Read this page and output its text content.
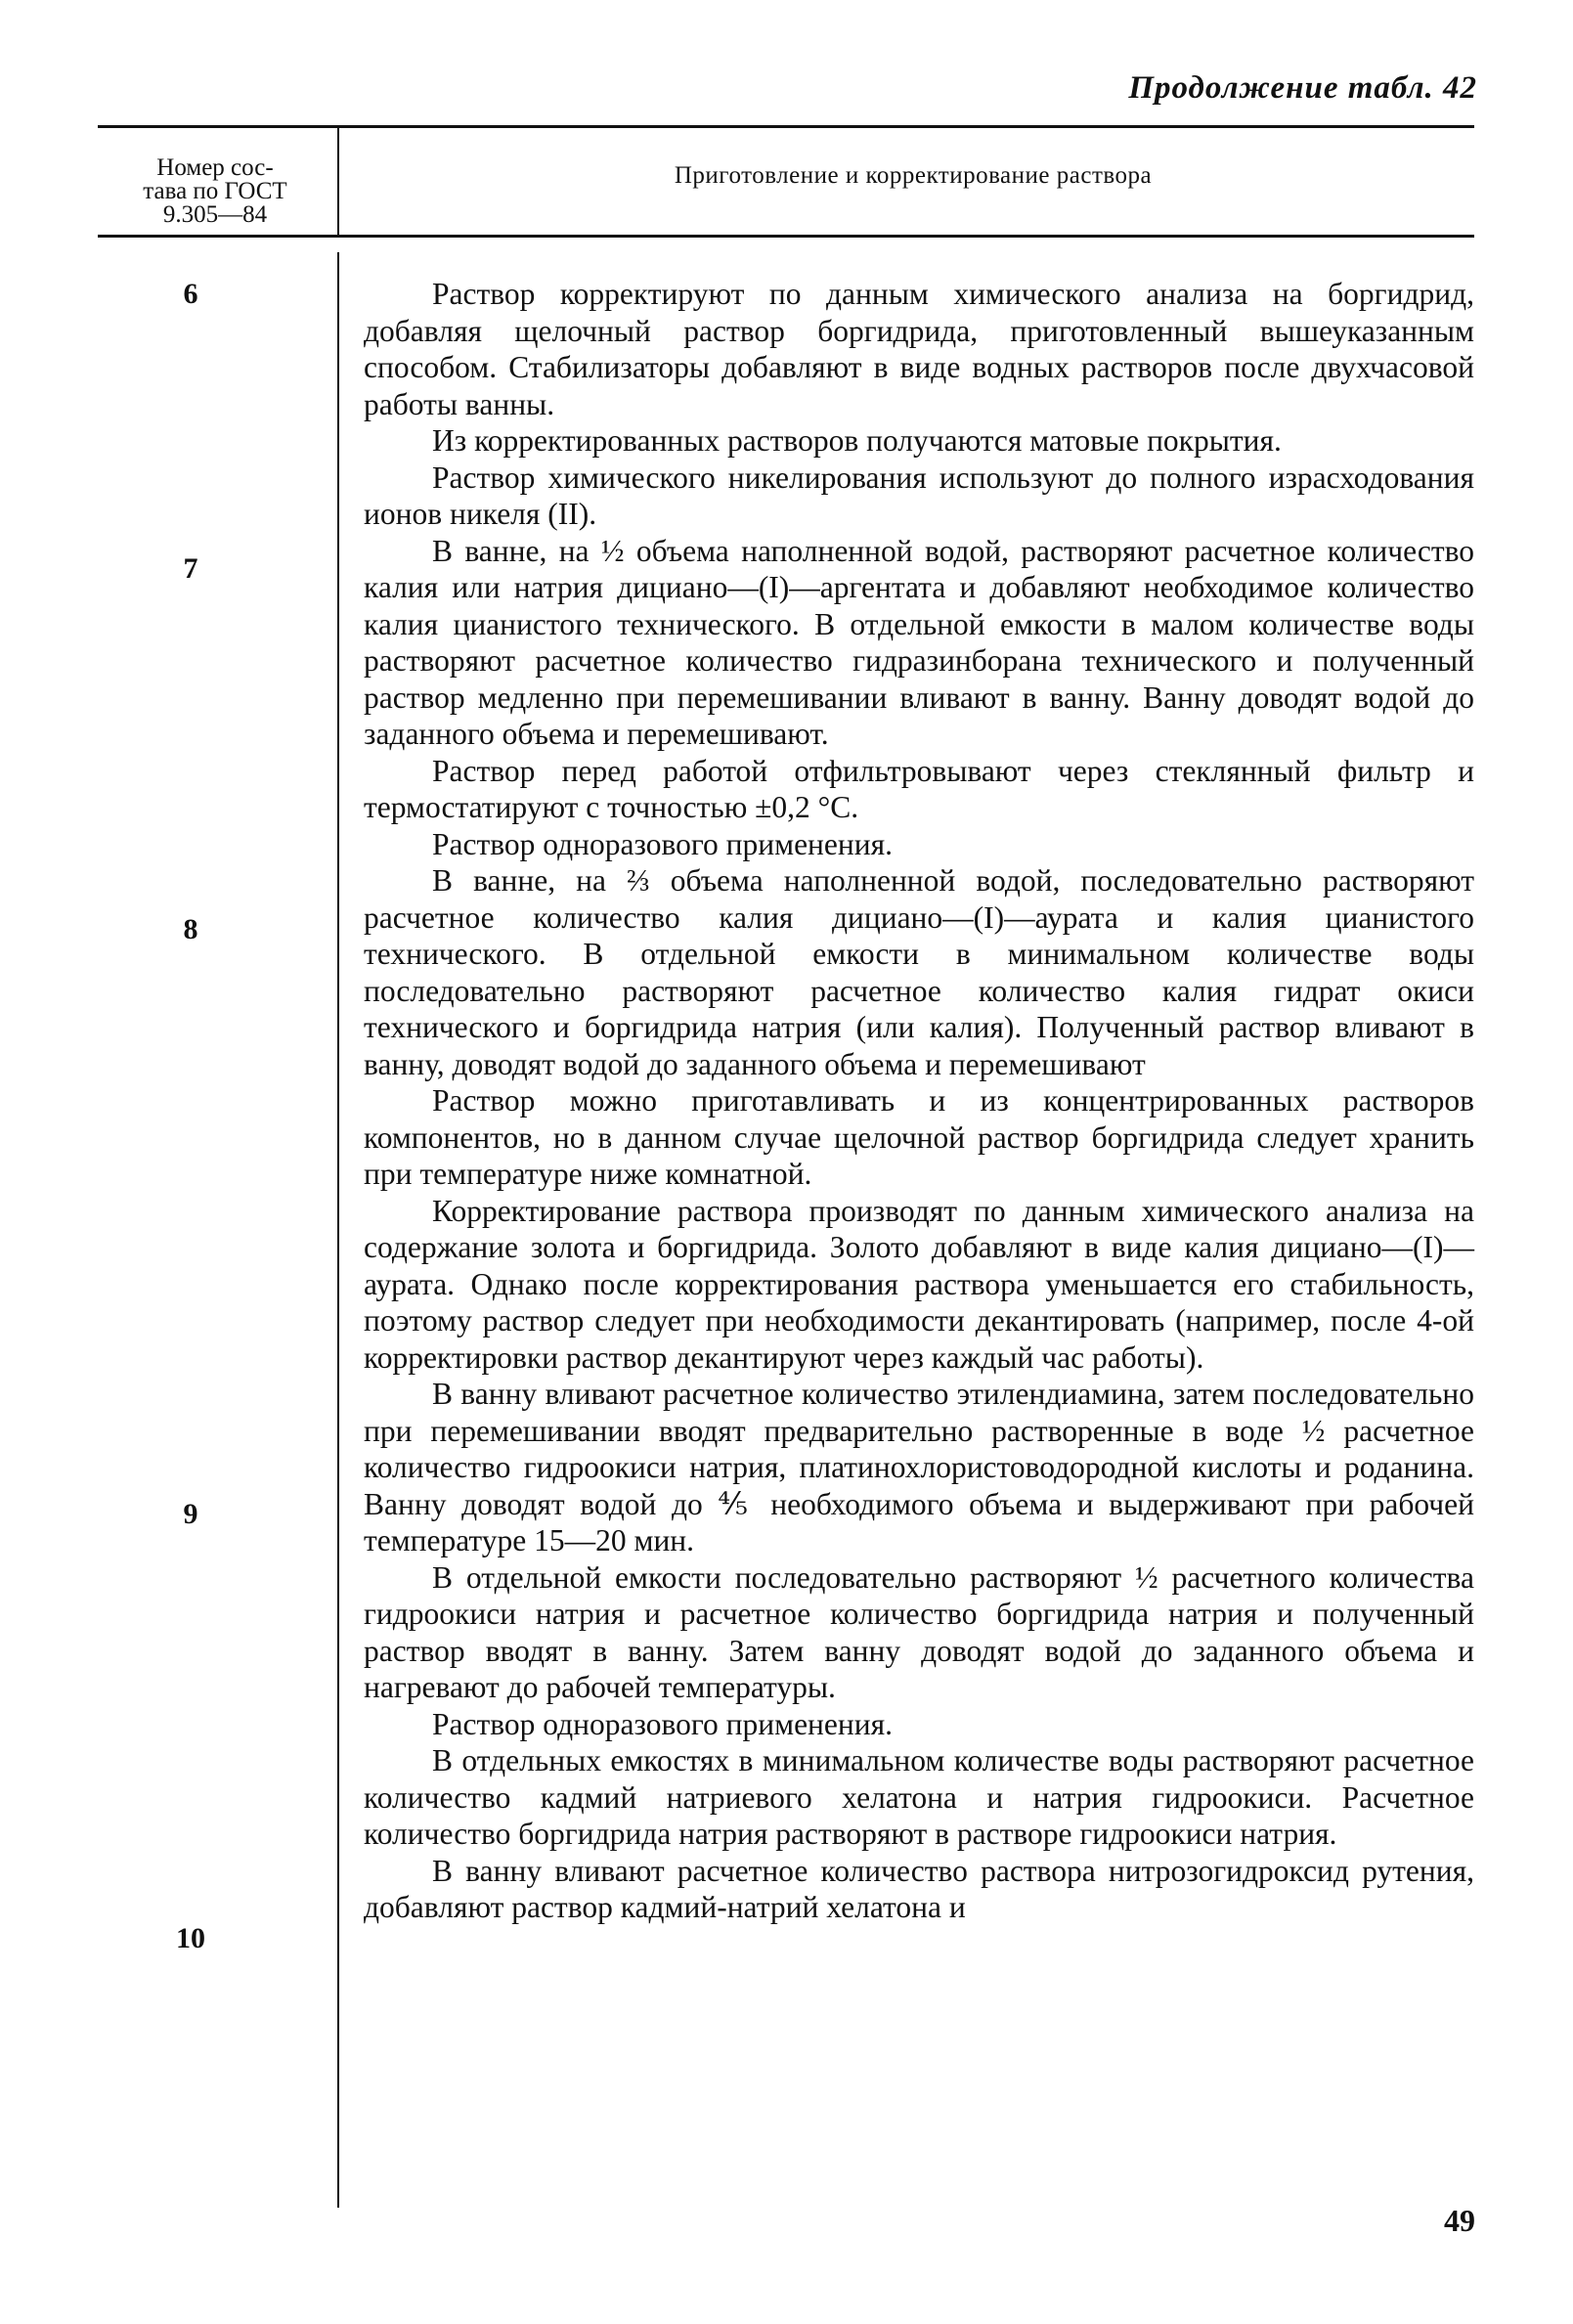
Продолжение табл. 42
Номер сос-
тава по ГОСТ
9.305—84
Приготовление и корректирование раствора
6
7
8
9
10

Раствор корректируют по данным химического анализа на боргидрид, добавляя щелочный раствор боргидрида, приготовленный вышеуказанным способом. Стабилизаторы добавляют в виде водных растворов после двухчасовой работы ванны.

Из корректированных растворов получаются матовые покрытия.

Раствор химического никелирования используют до полного израсходования ионов никеля (II).

В ванне, на ½ объема наполненной водой, растворяют расчетное количество калия или натрия дициано—(I)—аргентата и добавляют необходимое количество калия цианистого технического. В отдельной емкости в малом количестве воды растворяют расчетное количество гидразинборана технического и полученный раствор медленно при перемешивании вливают в ванну. Ванну доводят водой до заданного объема и перемешивают.

Раствор перед работой отфильтровывают через стеклянный фильтр и термостатируют с точностью ±0,2 °С.

Раствор одноразового применения.

В ванне, на ⅔ объема наполненной водой, последовательно растворяют расчетное количество калия дициано—(I)—аурата и калия цианистого технического. В отдельной емкости в минимальном количестве воды последовательно растворяют расчетное количество калия гидрат окиси технического и боргидрида натрия (или калия). Полученный раствор вливают в ванну, доводят водой до заданного объема и перемешивают

Раствор можно приготавливать и из концентрированных растворов компонентов, но в данном случае щелочной раствор боргидрида следует хранить при температуре ниже комнатной.

Корректирование раствора производят по данным химического анализа на содержание золота и боргидрида. Золото добавляют в виде калия дициано—(I)—аурата. Однако после корректирования раствора уменьшается его стабильность, поэтому раствор следует при необходимости декантировать (например, после 4-ой корректировки раствор декантируют через каждый час работы).

В ванну вливают расчетное количество этилендиамина, затем последовательно при перемешивании вводят предварительно растворенные в воде ½ расчетное количество гидроокиси натрия, платинохлористоводородной кислоты и роданина. Ванну доводят водой до ⅘ необходимого объема и выдерживают при рабочей температуре 15—20 мин.

В отдельной емкости последовательно растворяют ½ расчетного количества гидроокиси натрия и расчетное количество боргидрида натрия и полученный раствор вводят в ванну. Затем ванну доводят водой до заданного объема и нагревают до рабочей температуры.

Раствор одноразового применения.

В отдельных емкостях в минимальном количестве воды растворяют расчетное количество кадмий натриевого хелатона и натрия гидроокиси. Расчетное количество боргидрида натрия растворяют в растворе гидроокиси натрия.

В ванну вливают расчетное количество раствора нитрозогидроксид рутения, добавляют раствор кадмий-натрий хелатона и

49
